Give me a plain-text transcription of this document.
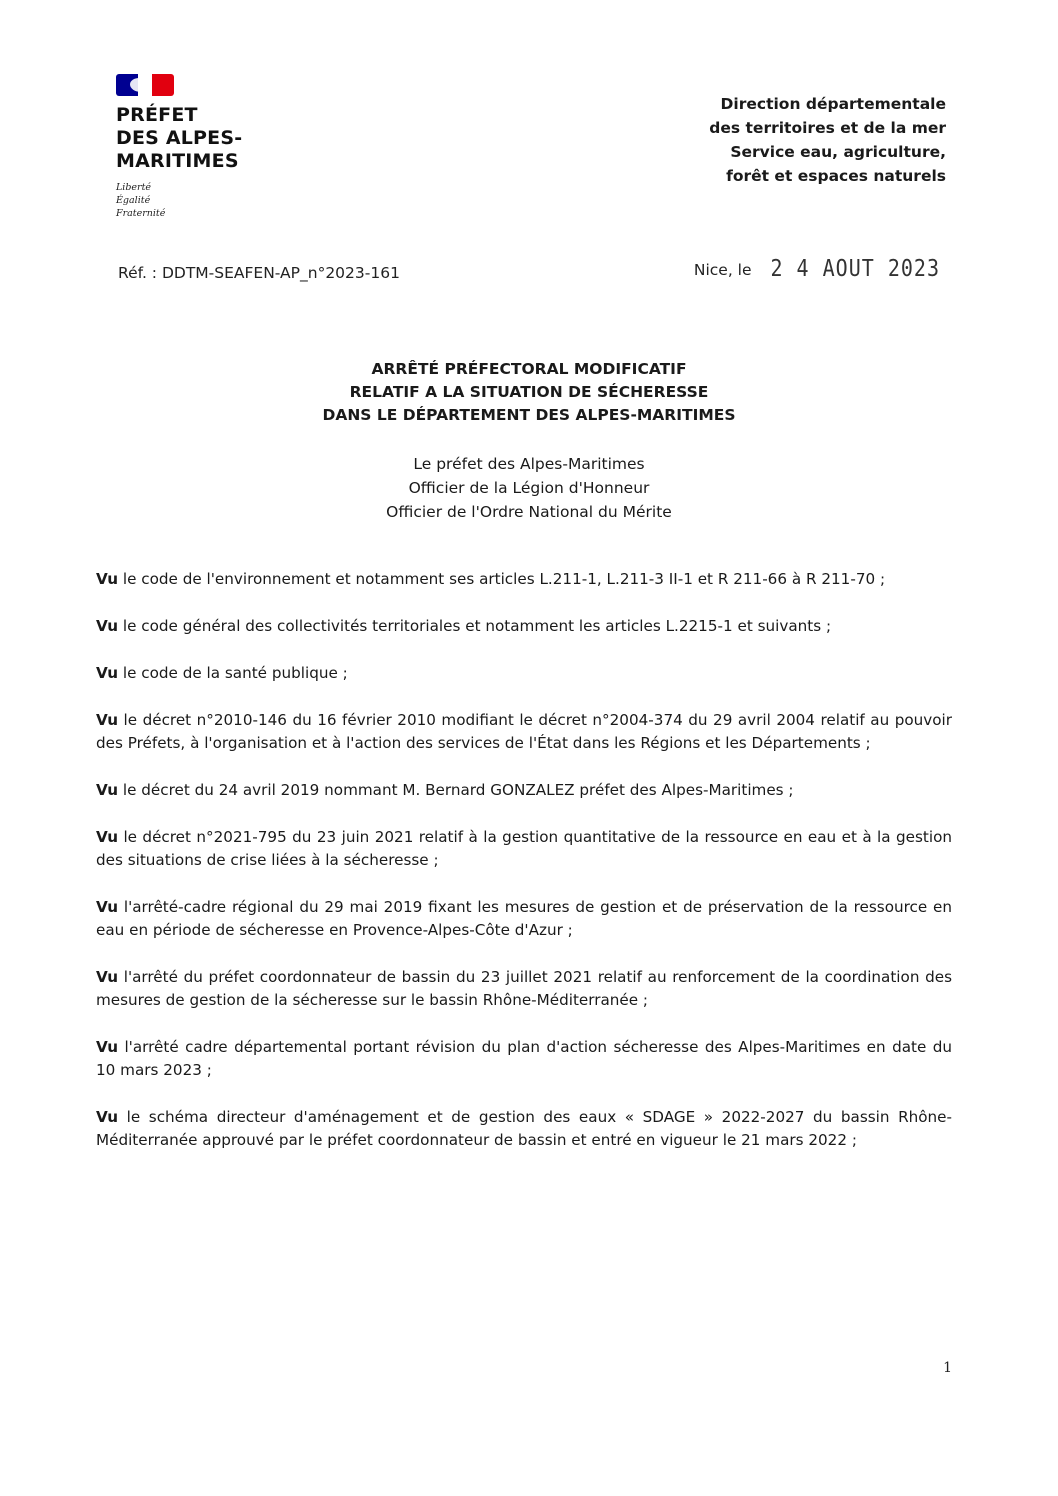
PRÉFET
DES ALPES-
MARITIMES
Liberté
Égalité
Fraternité
Direction départementale
des territoires et de la mer
Service eau, agriculture,
forêt et espaces naturels
Réf. : DDTM-SEAFEN-AP_n°2023-161	Nice, le 2 4 AOUT 2023
ARRÊTÉ PRÉFECTORAL MODIFICATIF
RELATIF A LA SITUATION DE SÉCHERESSE
DANS LE DÉPARTEMENT DES ALPES-MARITIMES
Le préfet des Alpes-Maritimes
Officier de la Légion d'Honneur
Officier de l'Ordre National du Mérite

Vu le code de l'environnement et notamment ses articles L.211-1, L.211-3 II-1 et R 211-66 à R 211-70 ;

Vu le code général des collectivités territoriales et notamment les articles L.2215-1 et suivants ;

Vu le code de la santé publique ;

Vu le décret n°2010-146 du 16 février 2010 modifiant le décret n°2004-374 du 29 avril 2004 relatif au pouvoir des Préfets, à l'organisation et à l'action des services de l'État dans les Régions et les Départements ;

Vu le décret du 24 avril 2019 nommant M. Bernard GONZALEZ préfet des Alpes-Maritimes ;

Vu le décret n°2021-795 du 23 juin 2021 relatif à la gestion quantitative de la ressource en eau et à la gestion des situations de crise liées à la sécheresse ;

Vu l'arrêté-cadre régional du 29 mai 2019 fixant les mesures de gestion et de préservation de la ressource en eau en période de sécheresse en Provence-Alpes-Côte d'Azur ;

Vu l'arrêté du préfet coordonnateur de bassin du 23 juillet 2021 relatif au renforcement de la coordination des mesures de gestion de la sécheresse sur le bassin Rhône-Méditerranée ;

Vu l'arrêté cadre départemental portant révision du plan d'action sécheresse des Alpes-Maritimes en date du 10 mars 2023 ;

Vu le schéma directeur d'aménagement et de gestion des eaux « SDAGE » 2022-2027 du bassin Rhône-Méditerranée approuvé par le préfet coordonnateur de bassin et entré en vigueur le 21 mars 2022 ;

1
